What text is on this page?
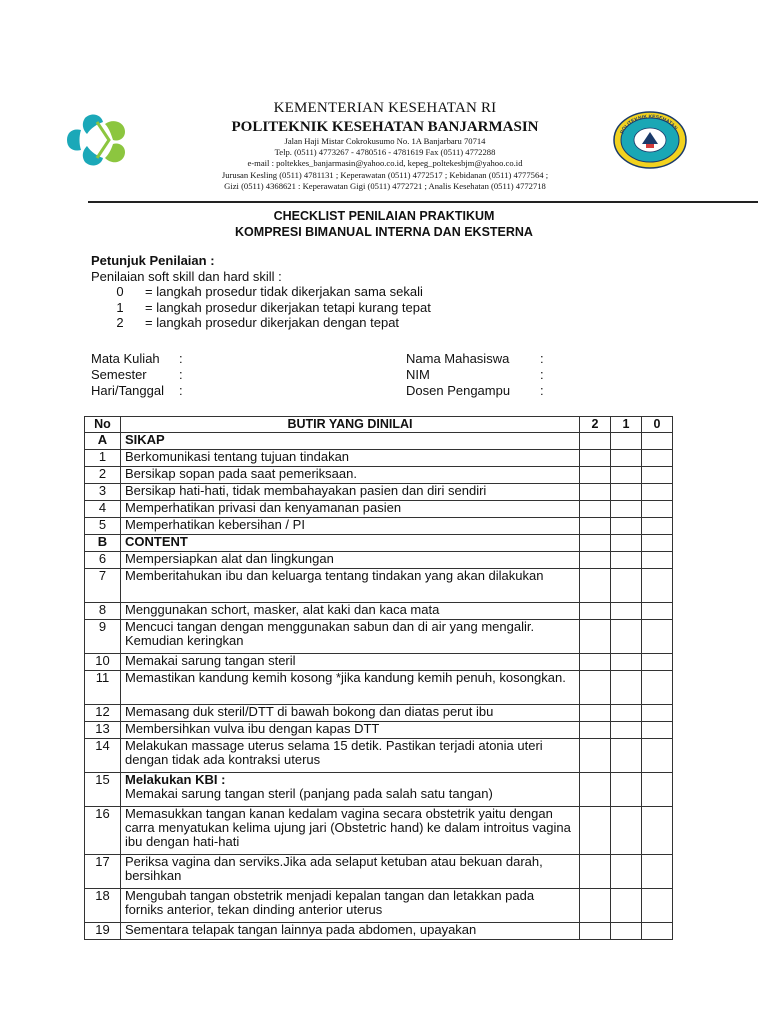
POLITEKNIK KESEHATAN
KEMENTERIAN KESEHATAN RI
POLITEKNIK KESEHATAN BANJARMASIN
Jalan Haji Mistar Cokrokusumo No. 1A Banjarbaru 70714
Telp. (0511) 4773267 - 4780516 - 4781619 Fax (0511) 4772288
e-mail : poltekkes_banjarmasin@yahoo.co.id, kepeg_poltekesbjm@yahoo.co.id
Jurusan Kesling (0511) 4781131 ; Keperawatan (0511) 4772517 ; Kebidanan (0511) 4777564 ;
Gizi (0511) 4368621 : Keperawatan Gigi (0511) 4772721 ; Analis Kesehatan (0511) 4772718
CHECKLIST PENILAIAN PRAKTIKUM
KOMPRESI BIMANUAL INTERNA DAN EKSTERNA
Petunjuk Penilaian :
Penilaian soft skill dan hard skill :
0	= langkah prosedur tidak dikerjakan sama sekali
1	= langkah prosedur dikerjakan tetapi kurang tepat
2	= langkah prosedur dikerjakan dengan tepat
Mata Kuliah	:
Semester	:
Hari/Tanggal	:
Nama Mahasiswa	:
NIM	:
Dosen Pengampu	:
No	BUTIR YANG DINILAI	2	1	0
A	SIKAP			
1	Berkomunikasi tentang tujuan tindakan			
2	Bersikap sopan pada saat pemeriksaan.			
3	Bersikap hati-hati, tidak membahayakan pasien dan diri sendiri			
4	Memperhatikan privasi dan kenyamanan pasien			
5	Memperhatikan kebersihan / PI			
B	CONTENT			
6	Mempersiapkan alat dan lingkungan			
7	Memberitahukan ibu dan keluarga tentang tindakan yang akan dilakukan			
8	Menggunakan schort, masker, alat kaki dan kaca mata			
9	Mencuci tangan dengan menggunakan sabun dan di air yang mengalir. Kemudian keringkan			
10	Memakai sarung tangan steril			
11	Memastikan kandung kemih kosong *jika kandung kemih penuh, kosongkan.			
12	Memasang duk steril/DTT di bawah bokong dan diatas perut ibu			
13	Membersihkan vulva ibu dengan kapas DTT			
14	Melakukan massage uterus selama 15 detik. Pastikan terjadi atonia uteri dengan tidak ada kontraksi uterus			
15	Melakukan KBI :
Memakai sarung tangan steril (panjang pada salah satu tangan)			
16	Memasukkan tangan kanan kedalam vagina secara obstetrik yaitu dengan carra menyatukan kelima ujung jari (Obstetric hand) ke dalam introitus vagina ibu dengan hati-hati			
17	Periksa vagina dan serviks.Jika ada selaput ketuban atau bekuan darah, bersihkan			
18	Mengubah tangan obstetrik menjadi kepalan tangan dan letakkan pada forniks anterior, tekan dinding anterior uterus			
19	Sementara telapak tangan lainnya pada abdomen, upayakan			
